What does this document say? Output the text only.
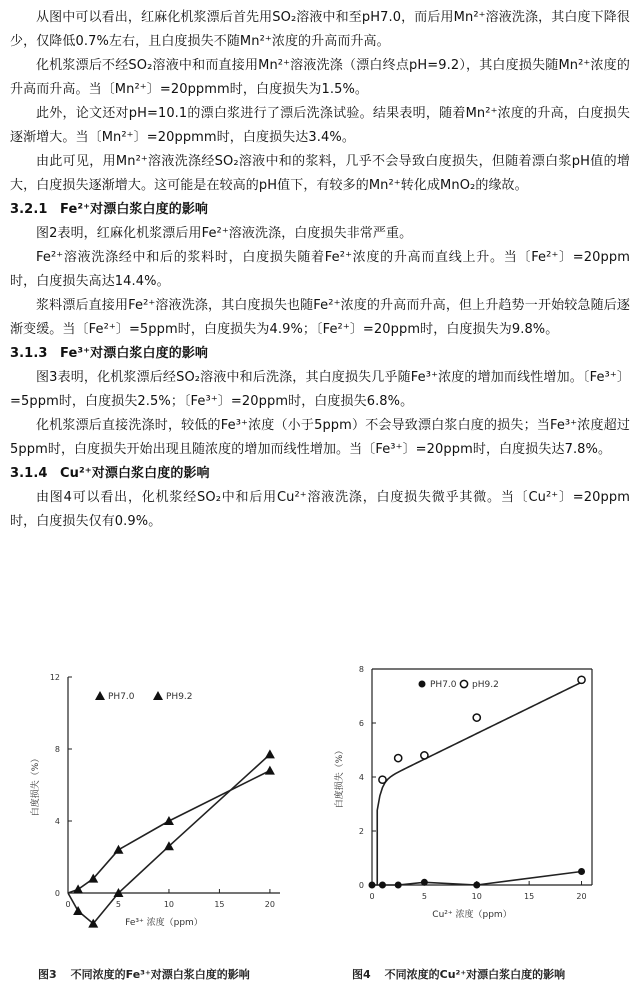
从图中可以看出，红麻化机浆漂后首先用SO₂溶液中和至pH7.0，而后用Mn²⁺溶液洗涤，其白度下降很少，仅降低0.7%左右，且白度损失不随Mn²⁺浓度的升高而升高。

化机浆漂后不经SO₂溶液中和而直接用Mn²⁺溶液洗涤（漂白终点pH=9.2），其白度损失随Mn²⁺浓度的升高而升高。当〔Mn²⁺〕=20ppmm时，白度损失为1.5%。

此外，论文还对pH=10.1的漂白浆进行了漂后洗涤试验。结果表明，随着Mn²⁺浓度的升高，白度损失逐渐增大。当〔Mn²⁺〕=20ppmm时，白度损失达3.4%。

由此可见，用Mn²⁺溶液洗涤经SO₂溶液中和的浆料，几乎不会导致白度损失，但随着漂白浆pH值的增大，白度损失逐渐增大。这可能是在较高的pH值下，有较多的Mn²⁺转化成MnO₂的缘故。

3.2.1 Fe²⁺对漂白浆白度的影响

图2表明，红麻化机浆漂后用Fe²⁺溶液洗涤，白度损失非常严重。

Fe²⁺溶液洗涤经中和后的浆料时，白度损失随着Fe²⁺浓度的升高而直线上升。当〔Fe²⁺〕=20ppm时，白度损失高达14.4%。

浆料漂后直接用Fe²⁺溶液洗涤，其白度损失也随Fe²⁺浓度的升高而升高，但上升趋势一开始较急随后逐渐变缓。当〔Fe²⁺〕=5ppm时，白度损失为4.9%；〔Fe²⁺〕=20ppm时，白度损失为9.8%。

3.1.3 Fe³⁺对漂白浆白度的影响

图3表明，化机浆漂后经SO₂溶液中和后洗涤，其白度损失几乎随Fe³⁺浓度的增加而线性增加。〔Fe³⁺〕=5ppm时，白度损失2.5%；〔Fe³⁺〕=20ppm时，白度损失6.8%。

化机浆漂后直接洗涤时，较低的Fe³⁺浓度（小于5ppm）不会导致漂白浆白度的损失；当Fe³⁺浓度超过5ppm时，白度损失开始出现且随浓度的增加而线性增加。当〔Fe³⁺〕=20ppm时，白度损失达7.8%。

3.1.4 Cu²⁺对漂白浆白度的影响

由图4可以看出，化机浆经SO₂中和后用Cu²⁺溶液洗涤，白度损失微乎其微。当〔Cu²⁺〕=20ppm时，白度损失仅有0.9%。

0	5	10	15	20
0
4
8
12
Fe³⁺ 浓度（ppm）
白度损失（%）
PH7.0	PH9.2
图3 不同浓度的Fe³⁺对漂白浆白度的影响
0	5	10	15	20
0
2
4
6
8
Cu²⁺ 浓度（ppm）
白度损失（%）
PH7.0 pH9.2
图4 不同浓度的Cu²⁺对漂白浆白度的影响
